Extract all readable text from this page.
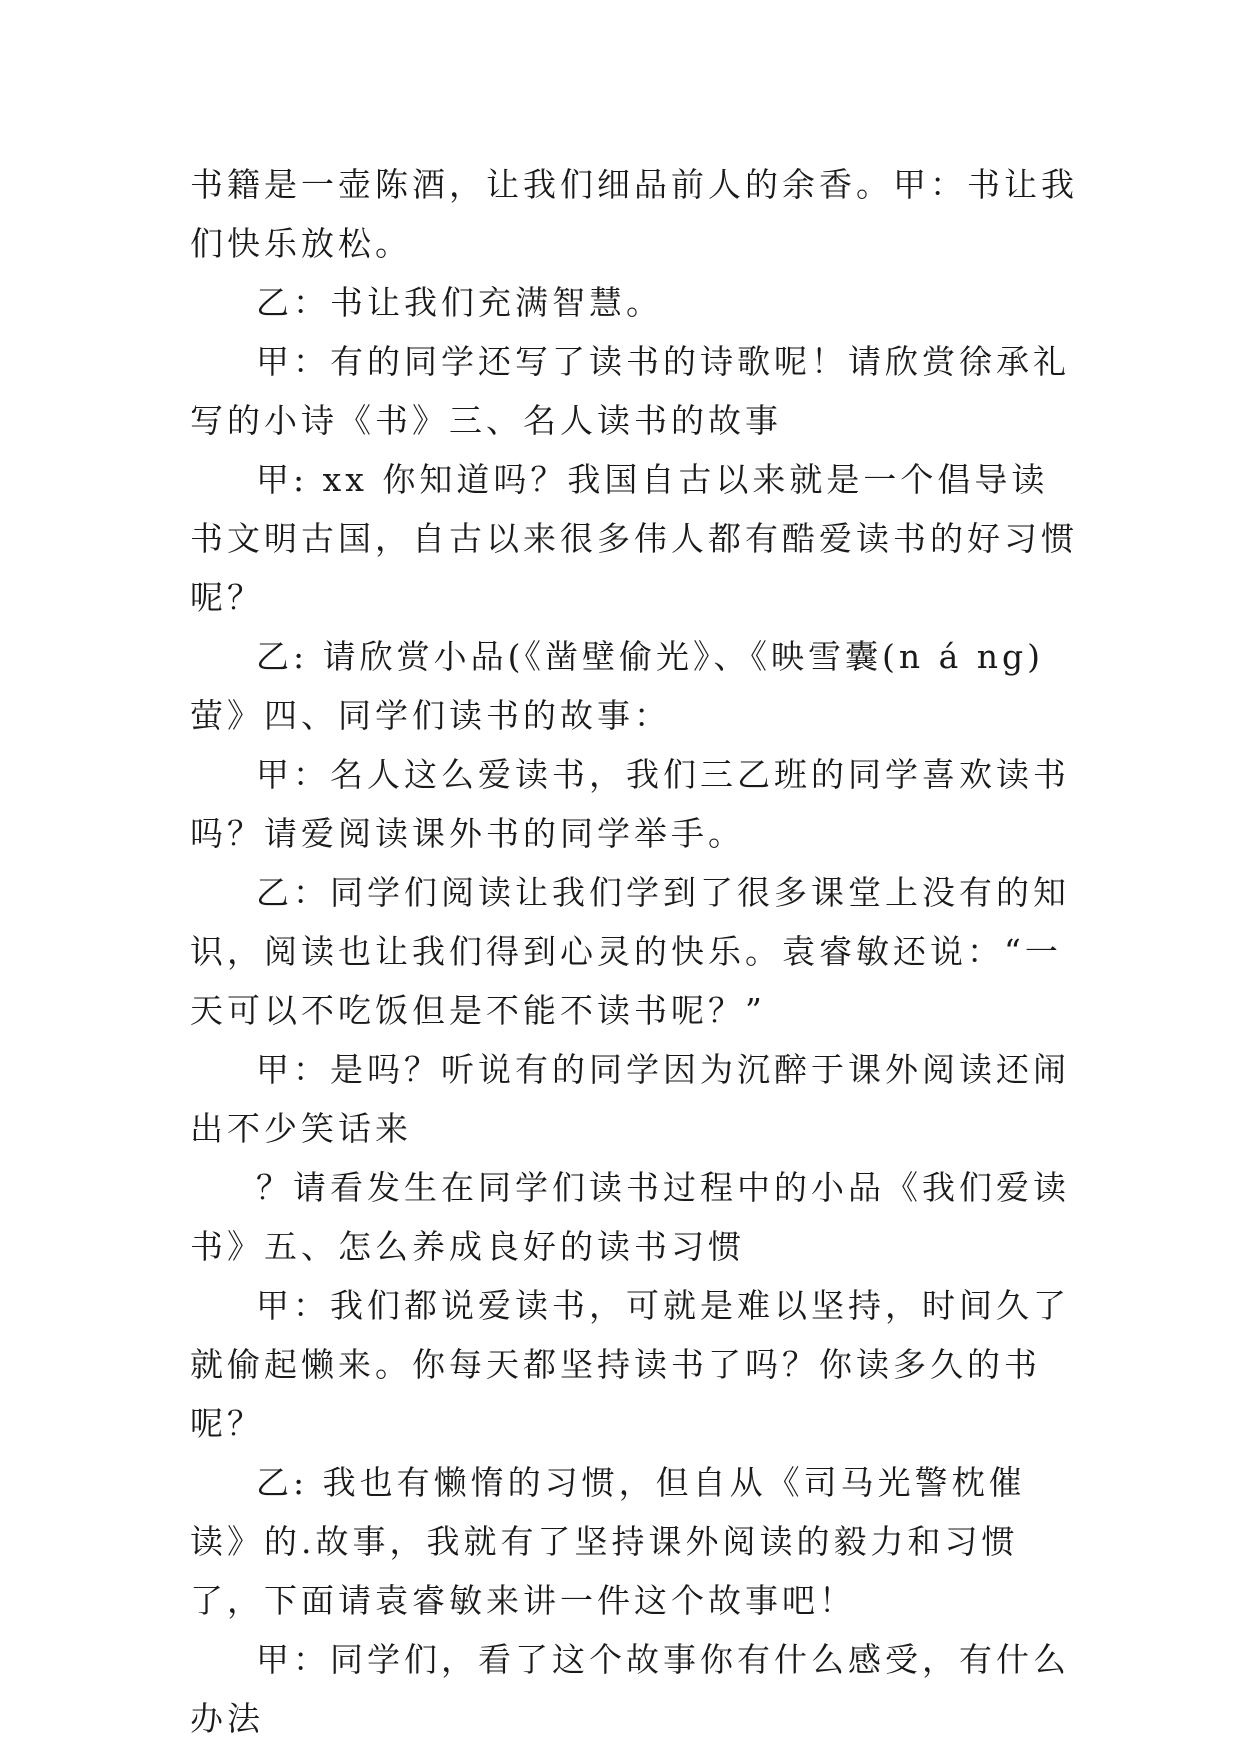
书籍是一壶陈酒，让我们细品前人的余香。甲：书让我们快乐放松。

乙：书让我们充满智慧。

甲：有的同学还写了读书的诗歌呢！请欣赏徐承礼写的小诗《书》三、名人读书的故事

甲: xx 你知道吗？我国自古以来就是一个倡导读书文明古国，自古以来很多伟人都有酷爱读书的好习惯呢？

乙: 请欣赏小品(《凿壁偷光》、《映雪囊(n á ng)萤》四、同学们读书的故事：

甲：名人这么爱读书，我们三乙班的同学喜欢读书吗？请爱阅读课外书的同学举手。

乙：同学们阅读让我们学到了很多课堂上没有的知识，阅读也让我们得到心灵的快乐。袁睿敏还说：“一天可以不吃饭但是不能不读书呢？”

甲：是吗？听说有的同学因为沉醉于课外阅读还闹出不少笑话来

？请看发生在同学们读书过程中的小品《我们爱读书》五、怎么养成良好的读书习惯

甲：我们都说爱读书，可就是难以坚持，时间久了就偷起懒来。你每天都坚持读书了吗？你读多久的书呢？

乙: 我也有懒惰的习惯，但自从《司马光警枕催读》的.故事，我就有了坚持课外阅读的毅力和习惯了，下面请袁睿敏来讲一件这个故事吧！

甲：同学们，看了这个故事你有什么感受，有什么办法
